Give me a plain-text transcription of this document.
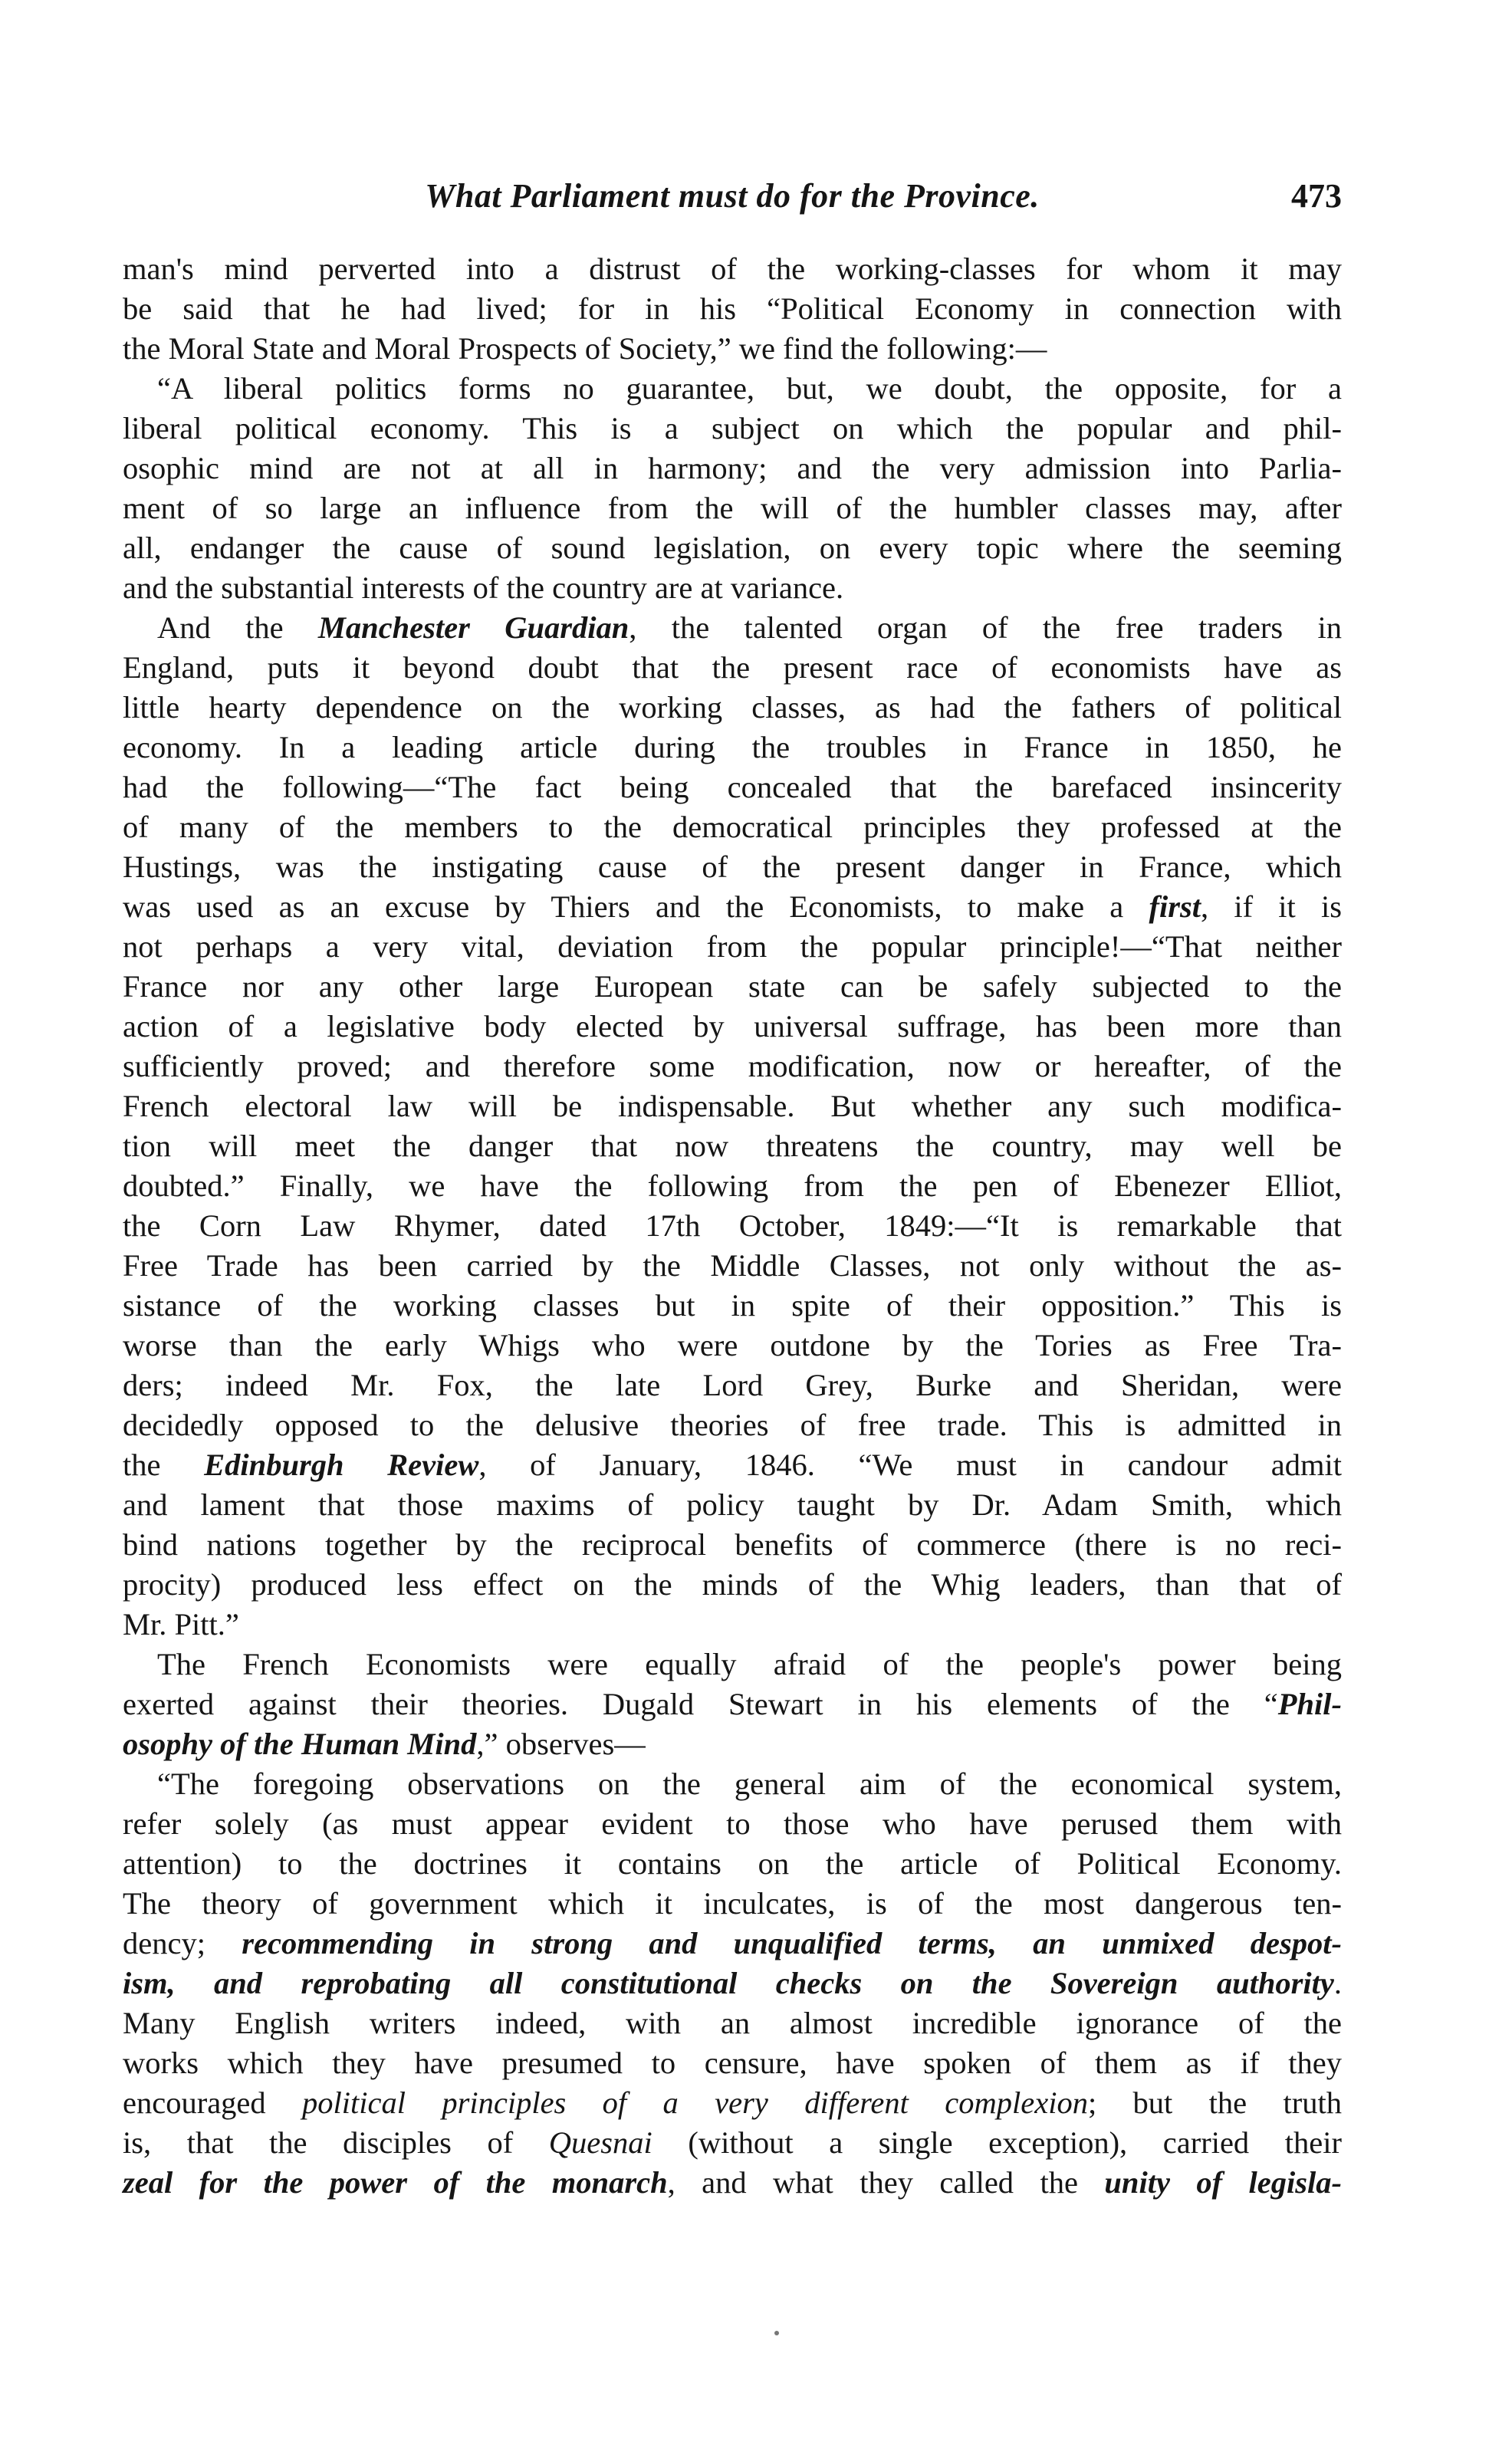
What Parliament must do for the Province.	473
man's mind perverted into a distrust of the working-classes for whom it may
be said that he had lived; for in his “Political Economy in connection with
the Moral State and Moral Prospects of Society,” we find the following:—
“A liberal politics forms no guarantee, but, we doubt, the opposite, for a
liberal political economy. This is a subject on which the popular and phil-
osophic mind are not at all in harmony; and the very admission into Parlia-
ment of so large an influence from the will of the humbler classes may, after
all, endanger the cause of sound legislation, on every topic where the seeming
and the substantial interests of the country are at variance.
And the Manchester Guardian, the talented organ of the free traders in
England, puts it beyond doubt that the present race of economists have as
little hearty dependence on the working classes, as had the fathers of political
economy. In a leading article during the troubles in France in 1850, he
had the following—“The fact being concealed that the barefaced insincerity
of many of the members to the democratical principles they professed at the
Hustings, was the instigating cause of the present danger in France, which
was used as an excuse by Thiers and the Economists, to make a first, if it is
not perhaps a very vital, deviation from the popular principle!—“That neither
France nor any other large European state can be safely subjected to the
action of a legislative body elected by universal suffrage, has been more than
sufficiently proved; and therefore some modification, now or hereafter, of the
French electoral law will be indispensable. But whether any such modifica-
tion will meet the danger that now threatens the country, may well be
doubted.” Finally, we have the following from the pen of Ebenezer Elliot,
the Corn Law Rhymer, dated 17th October, 1849:—“It is remarkable that
Free Trade has been carried by the Middle Classes, not only without the as-
sistance of the working classes but in spite of their opposition.” This is
worse than the early Whigs who were outdone by the Tories as Free Tra-
ders; indeed Mr. Fox, the late Lord Grey, Burke and Sheridan, were
decidedly opposed to the delusive theories of free trade. This is admitted in
the Edinburgh Review, of January, 1846. “We must in candour admit
and lament that those maxims of policy taught by Dr. Adam Smith, which
bind nations together by the reciprocal benefits of commerce (there is no reci-
procity) produced less effect on the minds of the Whig leaders, than that of
Mr. Pitt.”
The French Economists were equally afraid of the people's power being
exerted against their theories. Dugald Stewart in his elements of the “Phil-
osophy of the Human Mind,” observes—
“The foregoing observations on the general aim of the economical system,
refer solely (as must appear evident to those who have perused them with
attention) to the doctrines it contains on the article of Political Economy.
The theory of government which it inculcates, is of the most dangerous ten-
dency; recommending in strong and unqualified terms, an unmixed despot-
ism, and reprobating all constitutional checks on the Sovereign authority.
Many English writers indeed, with an almost incredible ignorance of the
works which they have presumed to censure, have spoken of them as if they
encouraged political principles of a very different complexion; but the truth
is, that the disciples of Quesnai (without a single exception), carried their
zeal for the power of the monarch, and what they called the unity of legisla-
